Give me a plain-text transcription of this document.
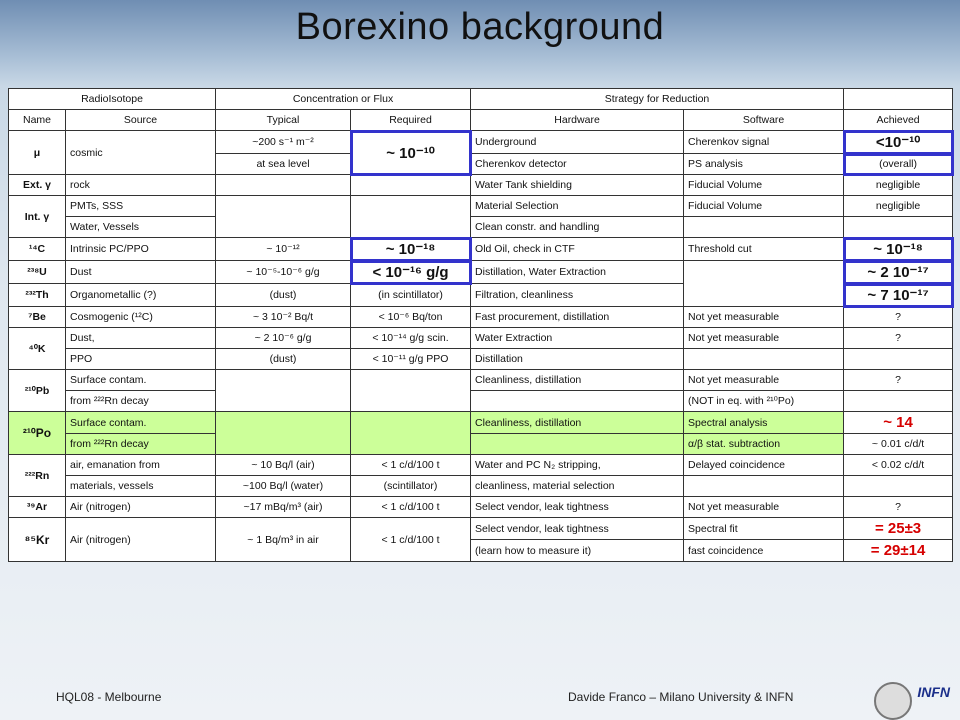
Borexino background
RadioIsotope		Concentration or Flux		Strategy for Reduction		
Name	Source	Typical	Required	Hardware	Software	Achieved
μ	cosmic	~200 s⁻¹ m⁻²	~ 10⁻¹⁰	Underground	Cherenkov signal	<10⁻¹⁰
		at sea level		Cherenkov detector	PS analysis	(overall)
Ext. γ	rock			Water Tank shielding	Fiducial Volume	negligible
Int. γ	PMTs, SSS			Material Selection	Fiducial Volume	negligible
	Water, Vessels			Clean constr. and handling		
¹⁴C	Intrinsic PC/PPO	~ 10⁻¹²	~ 10⁻¹⁸	Old Oil, check in CTF	Threshold cut	~ 10⁻¹⁸
²³⁸U	Dust	~ 10⁻⁵-10⁻⁶ g/g	< 10⁻¹⁶ g/g	Distillation, Water Extraction		~ 2 10⁻¹⁷
²³²Th	Organometallic (?)	(dust)	(in scintillator)	Filtration, cleanliness		~ 7 10⁻¹⁷
⁷Be	Cosmogenic (¹²C)	~ 3 10⁻² Bq/t	< 10⁻⁶ Bq/ton	Fast procurement, distillation	Not yet measurable	?
⁴⁰K	Dust,	~ 2 10⁻⁶ g/g	< 10⁻¹⁴ g/g scin.	Water Extraction	Not yet measurable	?
	PPO	(dust)	< 10⁻¹¹ g/g PPO	Distillation		
²¹⁰Pb	Surface contam.			Cleanliness, distillation	Not yet measurable	?
	from ²²²Rn decay				(NOT in eq. with ²¹⁰Po)	
²¹⁰Po	Surface contam.			Cleanliness, distillation	Spectral analysis	~ 14
	from ²²²Rn decay				α/β stat. subtraction	~ 0.01 c/d/t
²²²Rn	air, emanation from	~ 10 Bq/l (air)	< 1 c/d/100 t	Water and PC N₂ stripping,	Delayed coincidence	< 0.02 c/d/t
	materials, vessels	~100 Bq/l (water)	(scintillator)	cleanliness, material selection		
³⁹Ar	Air (nitrogen)	~17 mBq/m³ (air)	< 1 c/d/100 t	Select vendor, leak tightness	Not yet measurable	?
⁸⁵Kr	Air (nitrogen)	~ 1 Bq/m³ in air	< 1 c/d/100 t	Select vendor, leak tightness	Spectral fit	= 25±3
				(learn how to measure it)	fast coincidence	= 29±14
HQL08 - Melbourne	Davide Franco – Milano University & INFN	INFN
